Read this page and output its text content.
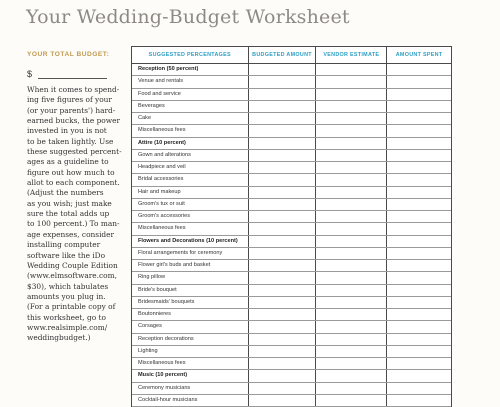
Your Wedding-Budget Worksheet
YOUR TOTAL BUDGET:
$
When it comes to spend-
ing five figures of your
(or your parents') hard-
earned bucks, the power
invested in you is not
to be taken lightly. Use
these suggested percent-
ages as a guideline to
figure out how much to
allot to each component.
(Adjust the numbers
as you wish; just make
sure the total adds up
to 100 percent.) To man-
age expenses, consider
installing computer
software like the iDo
Wedding Couple Edition
(www.elmsoftware.com,
$30), which tabulates
amounts you plug in.
(For a printable copy of
this worksheet, go to
www.realsimple.com/
weddingbudget.)
SUGGESTED PERCENTAGES	BUDGETED AMOUNT	VENDOR ESTIMATE	AMOUNT SPENT
Reception (50 percent)
Venue and rentals
Food and service
Beverages
Cake
Miscellaneous fees
Attire (10 percent)
Gown and alterations
Headpiece and veil
Bridal accessories
Hair and makeup
Groom's tux or suit
Groom's accessories
Miscellaneous fees
Flowers and Decorations (10 percent)
Floral arrangements for ceremony
Flower girl's buds and basket
Ring pillow
Bride's bouquet
Bridesmaids' bouquets
Boutonnieres
Corsages
Reception decorations
Lighting
Miscellaneous fees
Music (10 percent)
Ceremony musicians
Cocktail-hour musicians
